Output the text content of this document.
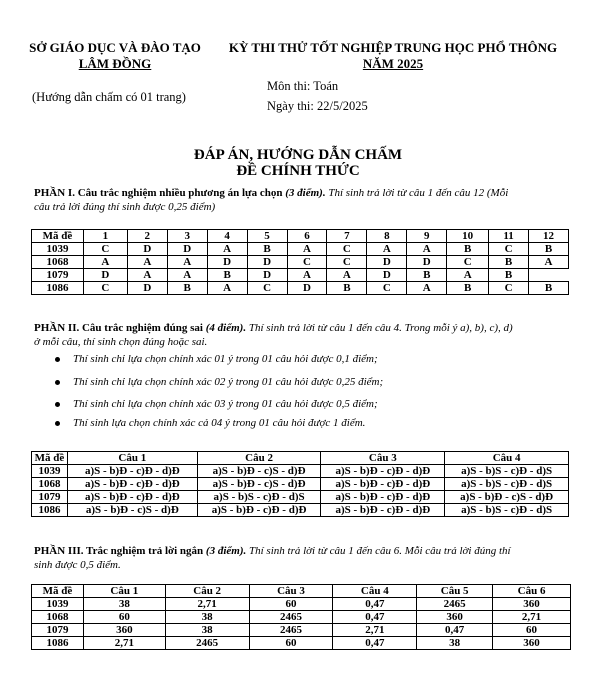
SỞ GIÁO DỤC VÀ ĐÀO TẠO
LÂM ĐỒNG
KỲ THI THỬ TỐT NGHIỆP TRUNG HỌC PHỔ THÔNG
NĂM 2025
(Hướng dẫn chấm có 01 trang)
Môn thi: Toán
Ngày thi: 22/5/2025
ĐÁP ÁN, HƯỚNG DẪN CHẤM
ĐỀ CHÍNH THỨC
PHẦN I. Câu trắc nghiệm nhiều phương án lựa chọn (3 điểm). Thí sinh trả lời từ câu 1 đến câu 12 (Mỗi
câu trả lời đúng thí sinh được 0,25 điểm)
Mã đề	1	2	3	4	5	6	7	8	9	10	11	12
1039	C	D	D	A	B	A	C	A	A	B	C	B
1068	A	A	A	D	D	C	C	D	D	C	B	A
1079	D	A	A	B	D	A	A	D	B	A	B	
1086	C	D	B	A	C	D	B	C	A	B	C	B
PHẦN II. Câu trắc nghiệm đúng sai (4 điểm). Thí sinh trả lời từ câu 1 đến câu 4. Trong mỗi ý a), b), c), d)
ở mỗi câu, thí sinh chọn đúng hoặc sai.
Thí sinh chỉ lựa chọn chính xác 01 ý trong 01 câu hỏi được 0,1 điểm;
Thí sinh chỉ lựa chọn chính xác 02 ý trong 01 câu hỏi được 0,25 điểm;
Thí sinh chỉ lựa chọn chính xác 03 ý trong 01 câu hỏi được 0,5 điểm;
Thí sinh lựa chọn chính xác cả 04 ý trong 01 câu hỏi được 1 điểm.
Mã đề	Câu 1	Câu 2	Câu 3	Câu 4
1039	a)S - b)Đ - c)Đ - d)Đ	a)S - b)Đ - c)S - d)Đ	a)S - b)Đ - c)Đ - d)Đ	a)S - b)S - c)Đ - d)S
1068	a)S - b)Đ - c)Đ - d)Đ	a)S - b)Đ - c)S - d)Đ	a)S - b)Đ - c)Đ - d)Đ	a)S - b)S - c)Đ - d)S
1079	a)S - b)Đ - c)Đ - d)Đ	a)S - b)S - c)Đ - d)S	a)S - b)Đ - c)Đ - d)Đ	a)S - b)Đ - c)S - d)Đ
1086	a)S - b)Đ - c)S - d)Đ	a)S - b)Đ - c)Đ - d)Đ	a)S - b)Đ - c)Đ - d)Đ	a)S - b)S - c)Đ - d)S
PHẦN III. Trắc nghiệm trả lời ngắn (3 điểm). Thí sinh trả lời từ câu 1 đến câu 6. Mỗi câu trả lời đúng thí
sinh được 0,5 điểm.
Mã đề	Câu 1	Câu 2	Câu 3	Câu 4	Câu 5	Câu 6
1039	38	2,71	60	0,47	2465	360
1068	60	38	2465	0,47	360	2,71
1079	360	38	2465	2,71	0,47	60
1086	2,71	2465	60	0,47	38	360
